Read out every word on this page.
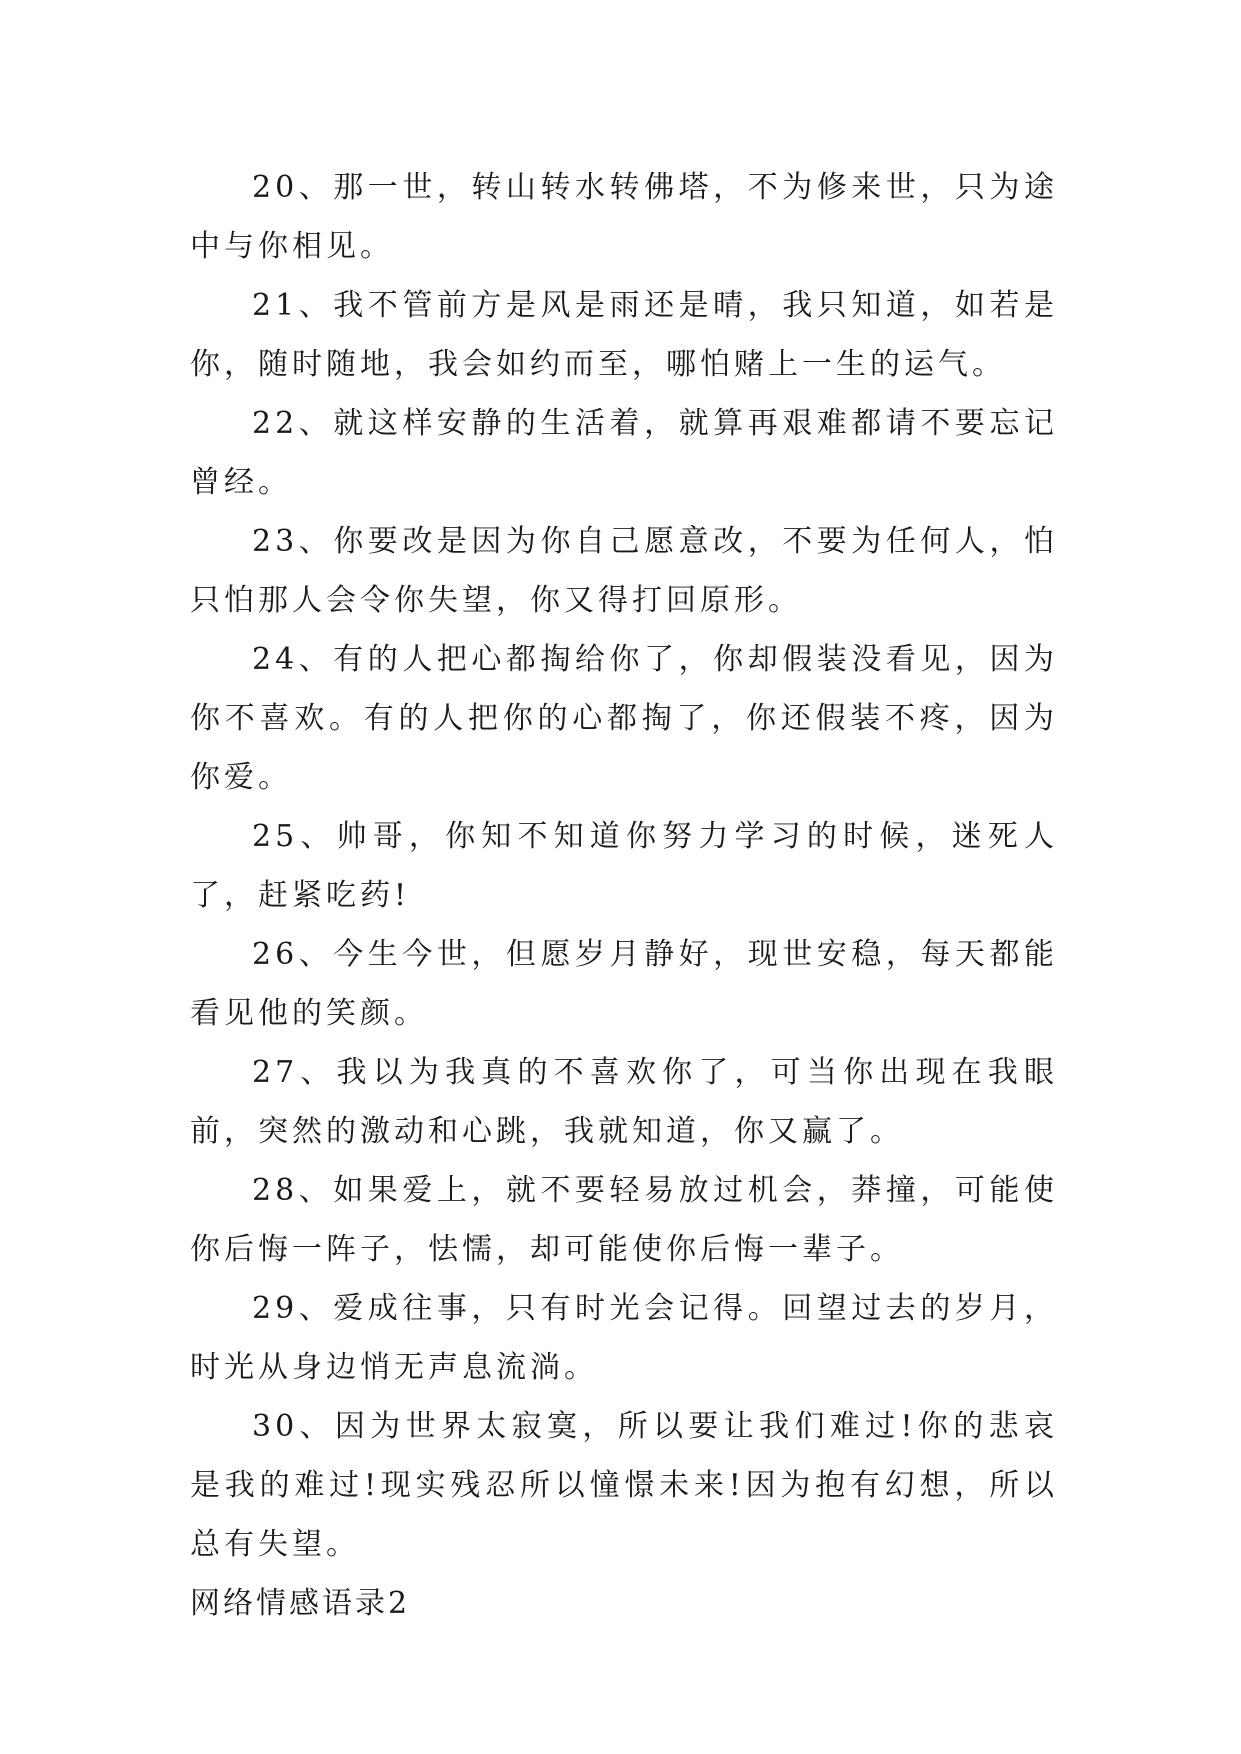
20、那一世，转山转水转佛塔，不为修来世，只为途中与你相见。

21、我不管前方是风是雨还是晴，我只知道，如若是你，随时随地，我会如约而至，哪怕赌上一生的运气。

22、就这样安静的生活着，就算再艰难都请不要忘记曾经。

23、你要改是因为你自己愿意改，不要为任何人，怕只怕那人会令你失望，你又得打回原形。

24、有的人把心都掏给你了，你却假装没看见，因为你不喜欢。有的人把你的心都掏了，你还假装不疼，因为你爱。

25、帅哥，你知不知道你努力学习的时候，迷死人了，赶紧吃药!

26、今生今世，但愿岁月静好，现世安稳，每天都能看见他的笑颜。

27、我以为我真的不喜欢你了，可当你出现在我眼前，突然的激动和心跳，我就知道，你又赢了。

28、如果爱上，就不要轻易放过机会，莽撞，可能使你后悔一阵子，怯懦，却可能使你后悔一辈子。

29、爱成往事，只有时光会记得。回望过去的岁月，时光从身边悄无声息流淌。

30、因为世界太寂寞，所以要让我们难过!你的悲哀是我的难过!现实残忍所以憧憬未来!因为抱有幻想，所以总有失望。

网络情感语录2
